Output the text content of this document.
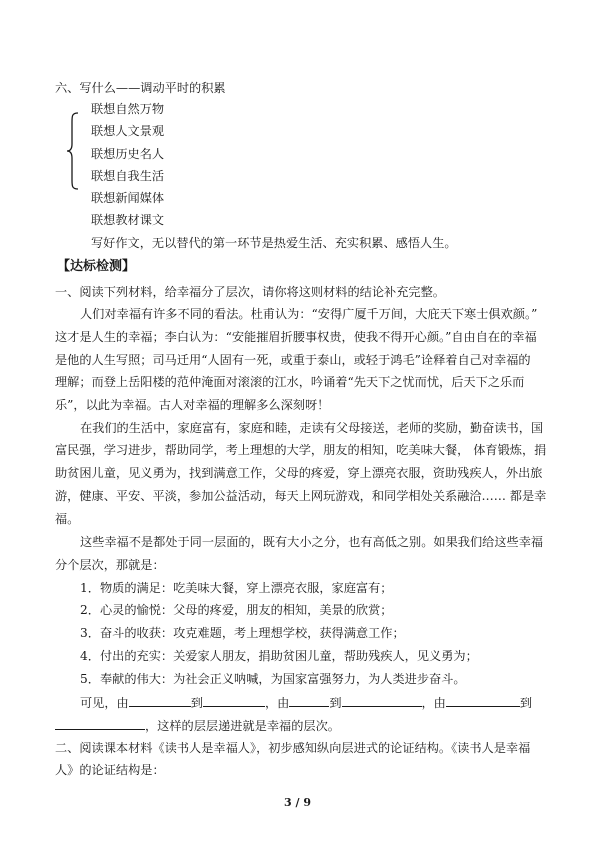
六、写什么——调动平时的积累
联想自然万物
联想人文景观
联想历史名人
联想自我生活
联想新闻媒体
联想教材课文
写好作文，无以替代的第一环节是热爱生活、充实积累、感悟人生。
【达标检测】
一、阅读下列材料，给幸福分了层次，请你将这则材料的结论补充完整。
人们对幸福有许多不同的看法。杜甫认为：“安得广厦千万间，大庇天下寒士俱欢颜。”
这才是人生的幸福；李白认为：“安能摧眉折腰事权贵，使我不得开心颜。”自由自在的幸福
是他的人生写照；司马迁用“人固有一死，或重于泰山，或轻于鸿毛”诠释着自己对幸福的
理解；而登上岳阳楼的范仲淹面对滚滚的江水，吟诵着“先天下之忧而忧，后天下之乐而
乐”，以此为幸福。古人对幸福的理解多么深刻呀！
在我们的生活中，家庭富有，家庭和睦，走读有父母接送，老师的奖励，勤奋读书，国
富民强，学习进步，帮助同学，考上理想的大学，朋友的相知，吃美味大餐， 体育锻炼，捐
助贫困儿童，见义勇为，找到满意工作，父母的疼爱，穿上漂亮衣服，资助残疾人，外出旅
游，健康、平安、平淡，参加公益活动，每天上网玩游戏，和同学相处关系融洽…… 都是幸
福。
这些幸福不是都处于同一层面的，既有大小之分，也有高低之别。如果我们给这些幸福
分个层次，那就是：
1．物质的满足：吃美味大餐，穿上漂亮衣服，家庭富有；
2．心灵的愉悦：父母的疼爱，朋友的相知，美景的欣赏；
3．奋斗的收获：攻克难题，考上理想学校，获得满意工作；
4．付出的充实：关爱家人朋友，捐助贫困儿童，帮助残疾人，见义勇为；
5．奉献的伟大：为社会正义呐喊，为国家富强努力，为人类进步奋斗。
可见，由	到	，由	到	，由	到
，这样的层层递进就是幸福的层次。
二、阅读课本材料《读书人是幸福人》，初步感知纵向层进式的论证结构。《读书人是幸福
人》的论证结构是：
3 / 9
